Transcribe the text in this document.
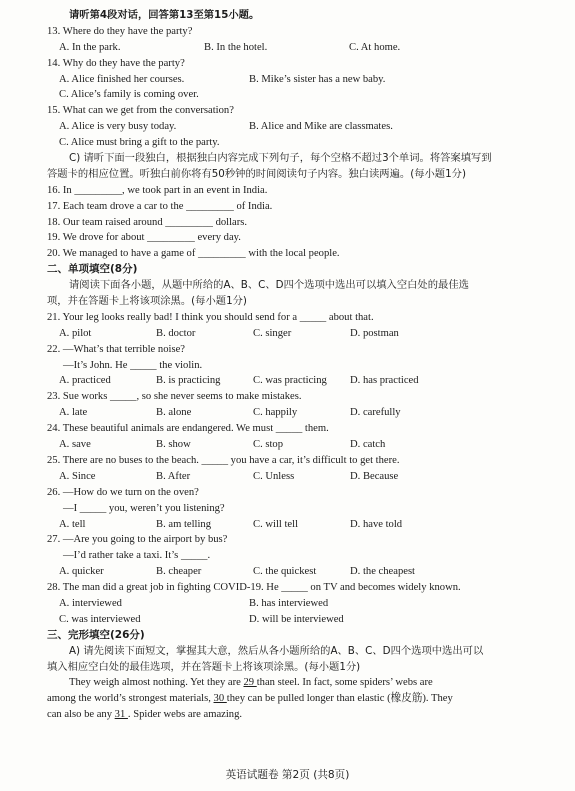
请听第4段对话，回答第13至第15小题。
13. Where do they have the party?
A. In the park.	B. In the hotel.	C. At home.
14. Why do they have the party?
A. Alice finished her courses.	B. Mike’s sister has a new baby.
C. Alice’s family is coming over.
15. What can we get from the conversation?
A. Alice is very busy today.	B. Alice and Mike are classmates.
C. Alice must bring a gift to the party.
C) 请听下面一段独白，根据独白内容完成下列句子，每个空格不超过3个单词。将答案填写到
答题卡的相应位置。听独白前你将有50秒钟的时间阅读句子内容。独白读两遍。(每小题1分)
16. In _________, we took part in an event in India.
17. Each team drove a car to the _________ of India.
18. Our team raised around _________ dollars.
19. We drove for about _________ every day.
20. We managed to have a game of _________ with the local people.
二、单项填空(8分)
请阅读下面各小题，从题中所给的A、B、C、D四个选项中选出可以填入空白处的最佳选
项，并在答题卡上将该项涂黑。(每小题1分)
21. Your leg looks really bad! I think you should send for a _____ about that.
A. pilot	B. doctor	C. singer	D. postman
22. —What’s that terrible noise?
—It’s John. He _____ the violin.
A. practiced	B. is practicing	C. was practicing	D. has practiced
23. Sue works _____, so she never seems to make mistakes.
A. late	B. alone	C. happily	D. carefully
24. These beautiful animals are endangered. We must _____ them.
A. save	B. show	C. stop	D. catch
25. There are no buses to the beach. _____ you have a car, it’s difficult to get there.
A. Since	B. After	C. Unless	D. Because
26. —How do we turn on the oven?
—I _____ you, weren’t you listening?
A. tell	B. am telling	C. will tell	D. have told
27. —Are you going to the airport by bus?
—I’d rather take a taxi. It’s _____.
A. quicker	B. cheaper	C. the quickest	D. the cheapest
28. The man did a great job in fighting COVID-19. He _____ on TV and becomes widely known.
A. interviewed	B. has interviewed
C. was interviewed	D. will be interviewed
三、完形填空(26分)
A) 请先阅读下面短文，掌握其大意，然后从各小题所给的A、B、C、D四个选项中选出可以
填入相应空白处的最佳选项，并在答题卡上将该项涂黑。(每小题1分)
They weigh almost nothing. Yet they are 29 than steel. In fact, some spiders’ webs are
among the world’s strongest materials, 30 they can be pulled longer than elastic (橡皮筋). They
can also be any 31 . Spider webs are amazing.
英语试题卷 第2页 (共8页)
